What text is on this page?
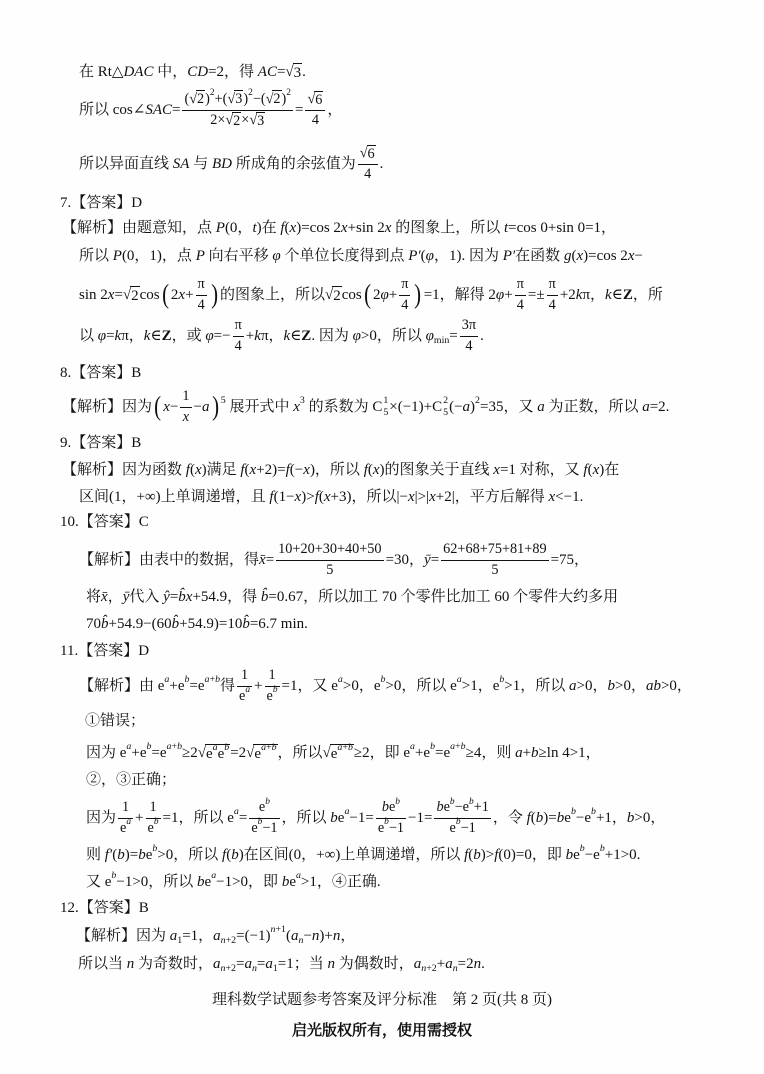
在 Rt△ DAC 中， CD =2，得 AC =√ 3 .
所以 cos∠ SAC = $\frac{(√ 2 ) 2 +(√ 3 ) 2 -(√ 2 ) 2}{2\times√ 2 \times√ 3} = \frac{√ 6}{4}$ ，
所以异面直线 SA 与 BD 所成角的余弦值为 $\frac{√ 6}{4}$ .
7.【答案】D
【解析】由题意知，点 P (0， t )在 f ( x )=cos 2 x +sin 2 x 的图象上，所以 t =cos 0+sin 0=1，
所以 P (0，1)，点 P 向右平移 φ 个单位长度得到点 P′ ( φ ，1). 因为 P′ 在函数 g ( x )=cos 2 x −
sin 2 x =√ 2 cos ( 2 $x + \frac{\pi}{4}$ ) 的图象上，所以√ 2 cos ( 2 $\varphi + \frac{\pi}{4}$ ) =1，解得 2 $\varphi + \frac{\pi}{4} =\pm \frac{\pi}{4} +2$ k π， k ∈ Z ，所
以 φ = k π， k ∈ Z ，或 $\varphi =- \frac{\pi}{4} + k$ π， k ∈ Z . 因为 φ >0，所以 φ $\min = \frac{3\pi}{4}$ .
8.【答案】B
【解析】因为 ( $x - \frac{1}{x} - a$ ) 5 展开式中 x 3 的系数为 C 1
5 ×(−1)+C 2
5 (− a ) 2 =35，又 a 为正数，所以 a =2.
9.【答案】B
【解析】因为函数 f ( x )满足 f ( x +2)= f (− x )，所以 f ( x )的图象关于直线 x =1 对称，又 f ( x )在
区间(1，+∞)上单调递增，且 f (1− x )> f ( x +3)，所以|− x |>| x +2|，平方后解得 x <−1.
10.【答案】C
【解析】由表中的数据，得 x̄ = $\frac{10+20+30+40+50}{5} =30$， ȳ = $\frac{62+68+75+81+89}{5} =75$，
将 x̄ ， ȳ 代入 ŷ = b̂x +54.9，得 b̂ =0.67，所以加工 70 个零件比加工 60 个零件大约多用
70 b̂ +54.9−(60 b̂ +54.9)=10 b̂ =6.7 min.
11.【答案】D
【解析】由 e a +e b =e a + b 得 $\frac{1}{\text{e a}} + \frac{1}{\text{e b}} =1$，又 e a >0，e b >0，所以 e a >1，e b >1，所以 a >0， b >0， ab >0，
①错误；
因为 e a +e b =e a + b ≥2√ e a e b =2√ e a + b ，所以√ e a + b ≥2，即 e a +e b =e a + b ≥4，则 a + b ≥ln 4>1，
②，③正确；
因为 $\frac{1}{\text{e a}} + \frac{1}{\text{e b}} =1$，所以 e $a = \frac{\text{e b}}{\text{e b −1}}$ ，所以 b e $a -1= \frac{\text{b e b}}{\text{e b −1}} -1= \frac{\text{b e b −e b +1}}{\text{e b −1}}$ ，令 f ( b )= b e b −e b +1， b >0，
则 f′ ( b )= b e b >0，所以 f ( b )在区间(0，+∞)上单调递增，所以 f ( b )> f (0)=0，即 b e b −e b +1>0.
又 e b −1>0，所以 b e a −1>0，即 b e a >1，④正确.
12.【答案】B
【解析】因为 a 1 =1， a n +2 =(−1) n +1 ( a n − n )+ n ，
所以当 n 为奇数时， a n +2 = a n = a 1 =1；当 n 为偶数时， a n +2 + a n =2 n .
理科数学试题参考答案及评分标准　第 2 页(共 8 页)
启光版权所有，使用需授权
